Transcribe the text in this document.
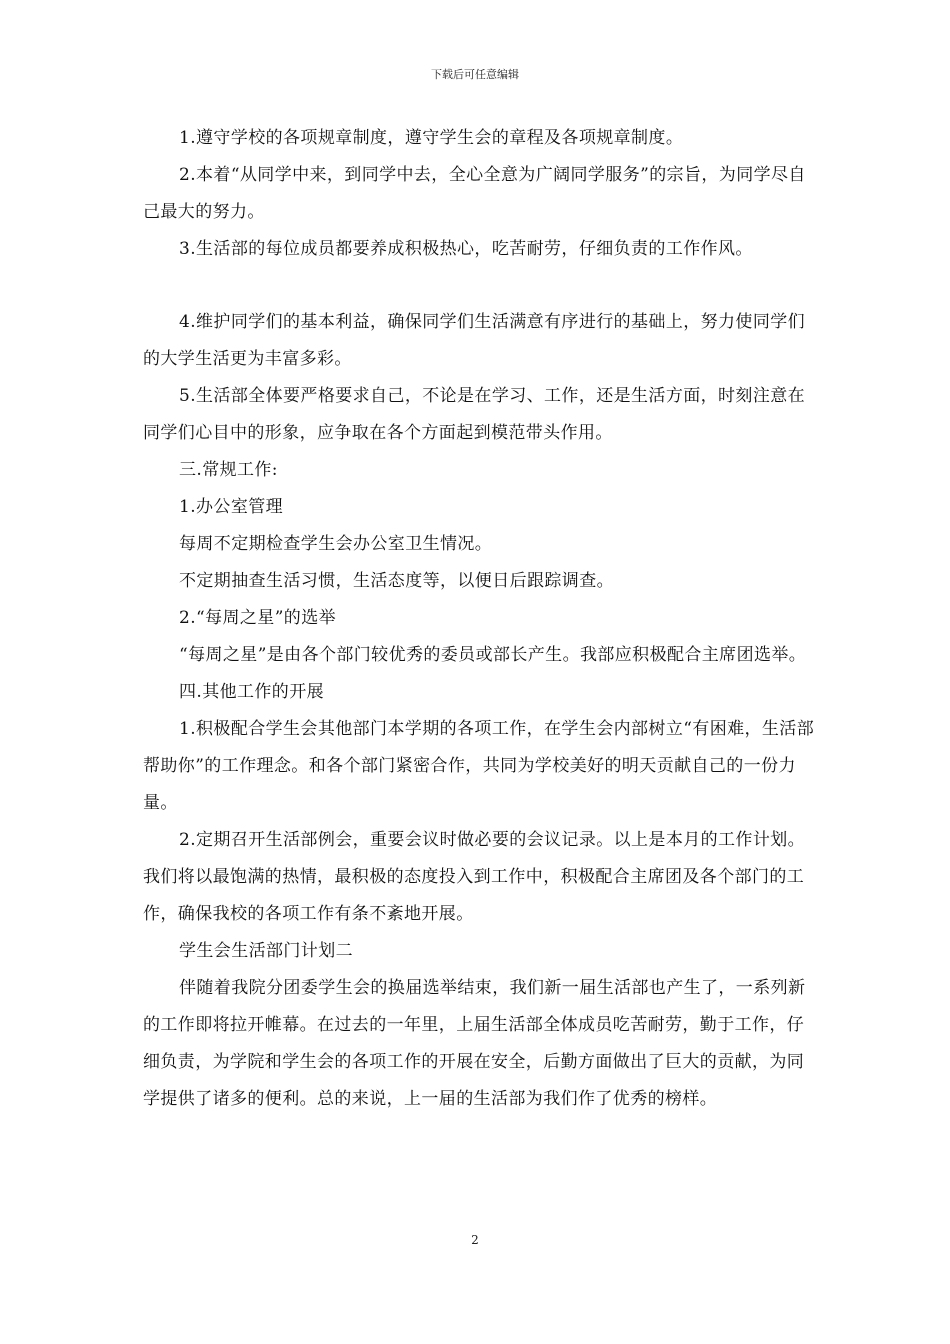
下载后可任意编辑

1.遵守学校的各项规章制度，遵守学生会的章程及各项规章制度。

2.本着“从同学中来，到同学中去，全心全意为广阔同学服务”的宗旨，为同学尽自己最大的努力。

3.生活部的每位成员都要养成积极热心，吃苦耐劳，仔细负责的工作作风。

4.维护同学们的基本利益，确保同学们生活满意有序进行的基础上，努力使同学们的大学生活更为丰富多彩。

5.生活部全体要严格要求自己，不论是在学习、工作，还是生活方面，时刻注意在同学们心目中的形象，应争取在各个方面起到模范带头作用。

三.常规工作:

1.办公室管理

每周不定期检查学生会办公室卫生情况。

不定期抽查生活习惯，生活态度等，以便日后跟踪调查。

2.“每周之星”的选举

“每周之星”是由各个部门较优秀的委员或部长产生。我部应积极配合主席团选举。

四.其他工作的开展

1.积极配合学生会其他部门本学期的各项工作，在学生会内部树立“有困难，生活部帮助你”的工作理念。和各个部门紧密合作，共同为学校美好的明天贡献自己的一份力量。

2.定期召开生活部例会，重要会议时做必要的会议记录。以上是本月的工作计划。我们将以最饱满的热情，最积极的态度投入到工作中，积极配合主席团及各个部门的工作，确保我校的各项工作有条不紊地开展。

学生会生活部门计划二

伴随着我院分团委学生会的换届选举结束，我们新一届生活部也产生了，一系列新的工作即将拉开帷幕。在过去的一年里，上届生活部全体成员吃苦耐劳，勤于工作，仔细负责，为学院和学生会的各项工作的开展在安全，后勤方面做出了巨大的贡献，为同学提供了诸多的便利。总的来说，上一届的生活部为我们作了优秀的榜样。

2
